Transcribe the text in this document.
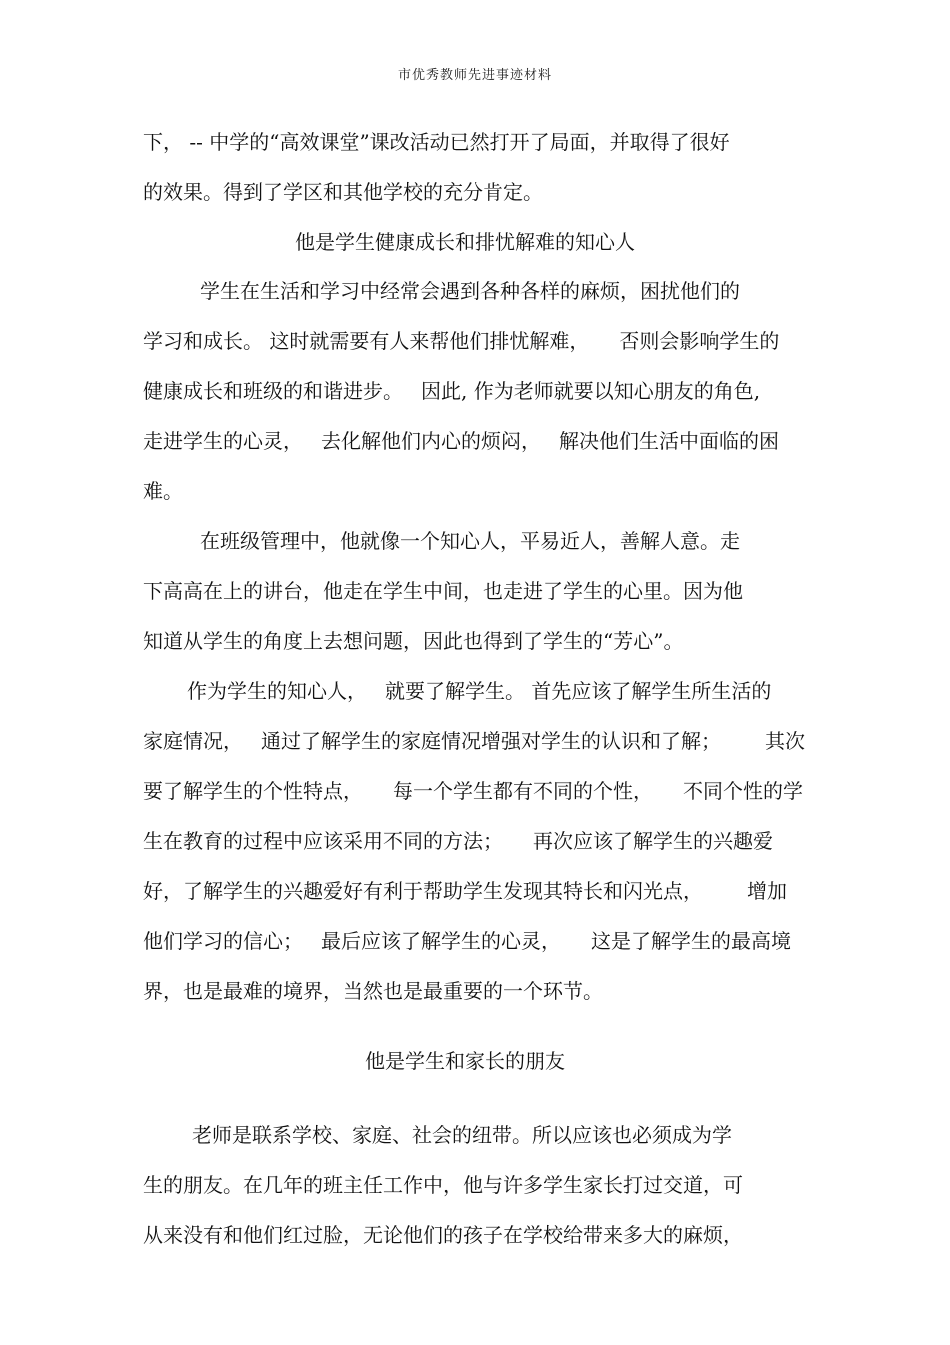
市优秀教师先进事迹材料
下， -- 中学的“高效课堂”课改活动已然打开了局面，并取得了很好
的效果。得到了学区和其他学校的充分肯定。
他是学生健康成长和排忧解难的知心人
学生在生活和学习中经常会遇到各种各样的麻烦，困扰他们的
学习和成长。 这时就需要有人来帮他们排忧解难， 否则会影响学生的
健康成长和班级的和谐进步。 因此, 作为老师就要以知心朋友的角色,
走进学生的心灵， 去化解他们内心的烦闷， 解决他们生活中面临的困
难。
在班级管理中，他就像一个知心人，平易近人，善解人意。走
下高高在上的讲台，他走在学生中间，也走进了学生的心里。因为他
知道从学生的角度上去想问题，因此也得到了学生的“芳心”。
作为学生的知心人， 就要了解学生。 首先应该了解学生所生活的
家庭情况， 通过了解学生的家庭情况增强对学生的认识和了解； 其次
要了解学生的个性特点， 每一个学生都有不同的个性， 不同个性的学
生在教育的过程中应该采用不同的方法； 再次应该了解学生的兴趣爱
好，了解学生的兴趣爱好有利于帮助学生发现其特长和闪光点， 增加
他们学习的信心； 最后应该了解学生的心灵， 这是了解学生的最高境
界，也是最难的境界，当然也是最重要的一个环节。
他是学生和家长的朋友
老师是联系学校、家庭、社会的纽带。所以应该也必须成为学
生的朋友。在几年的班主任工作中，他与许多学生家长打过交道，可
从来没有和他们红过脸，无论他们的孩子在学校给带来多大的麻烦，
